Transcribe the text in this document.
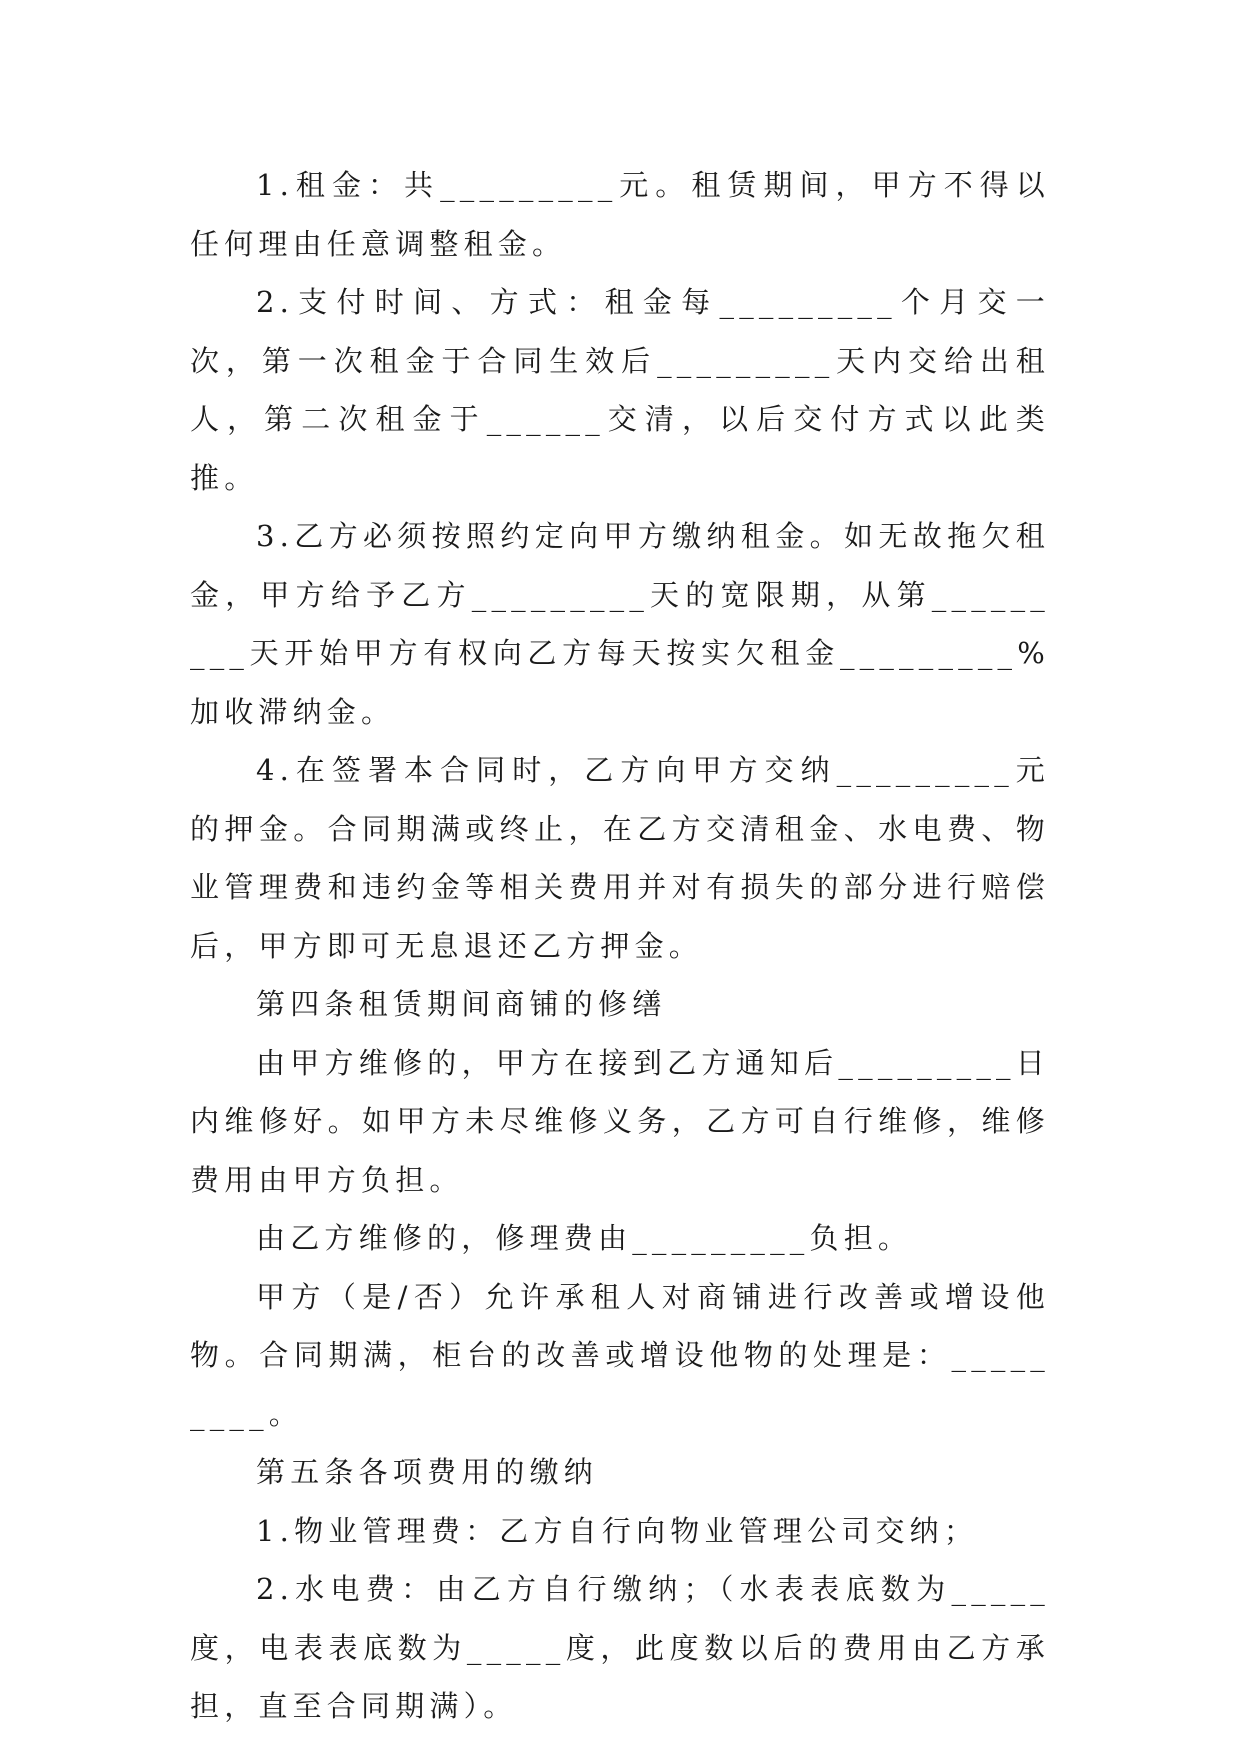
1.租金：共_________元。租赁期间，甲方不得以任何理由任意调整租金。

2.支付时间、方式：租金每_________个月交一次，第一次租金于合同生效后_________天内交给出租人，第二次租金于______交清，以后交付方式以此类推。

3.乙方必须按照约定向甲方缴纳租金。如无故拖欠租金，甲方给予乙方_________天的宽限期，从第_________天开始甲方有权向乙方每天按实欠租金_________%加收滞纳金。

4.在签署本合同时，乙方向甲方交纳_________元的押金。合同期满或终止，在乙方交清租金、水电费、物业管理费和违约金等相关费用并对有损失的部分进行赔偿后，甲方即可无息退还乙方押金。

第四条租赁期间商铺的修缮

由甲方维修的，甲方在接到乙方通知后_________日内维修好。如甲方未尽维修义务，乙方可自行维修，维修费用由甲方负担。

由乙方维修的，修理费由_________负担。

甲方（是/否）允许承租人对商铺进行改善或增设他物。合同期满，柜台的改善或增设他物的处理是：_________。

第五条各项费用的缴纳

1.物业管理费：乙方自行向物业管理公司交纳；

2.水电费：由乙方自行缴纳；（水表表底数为_____度，电表表底数为_____度，此度数以后的费用由乙方承担，直至合同期满）。
